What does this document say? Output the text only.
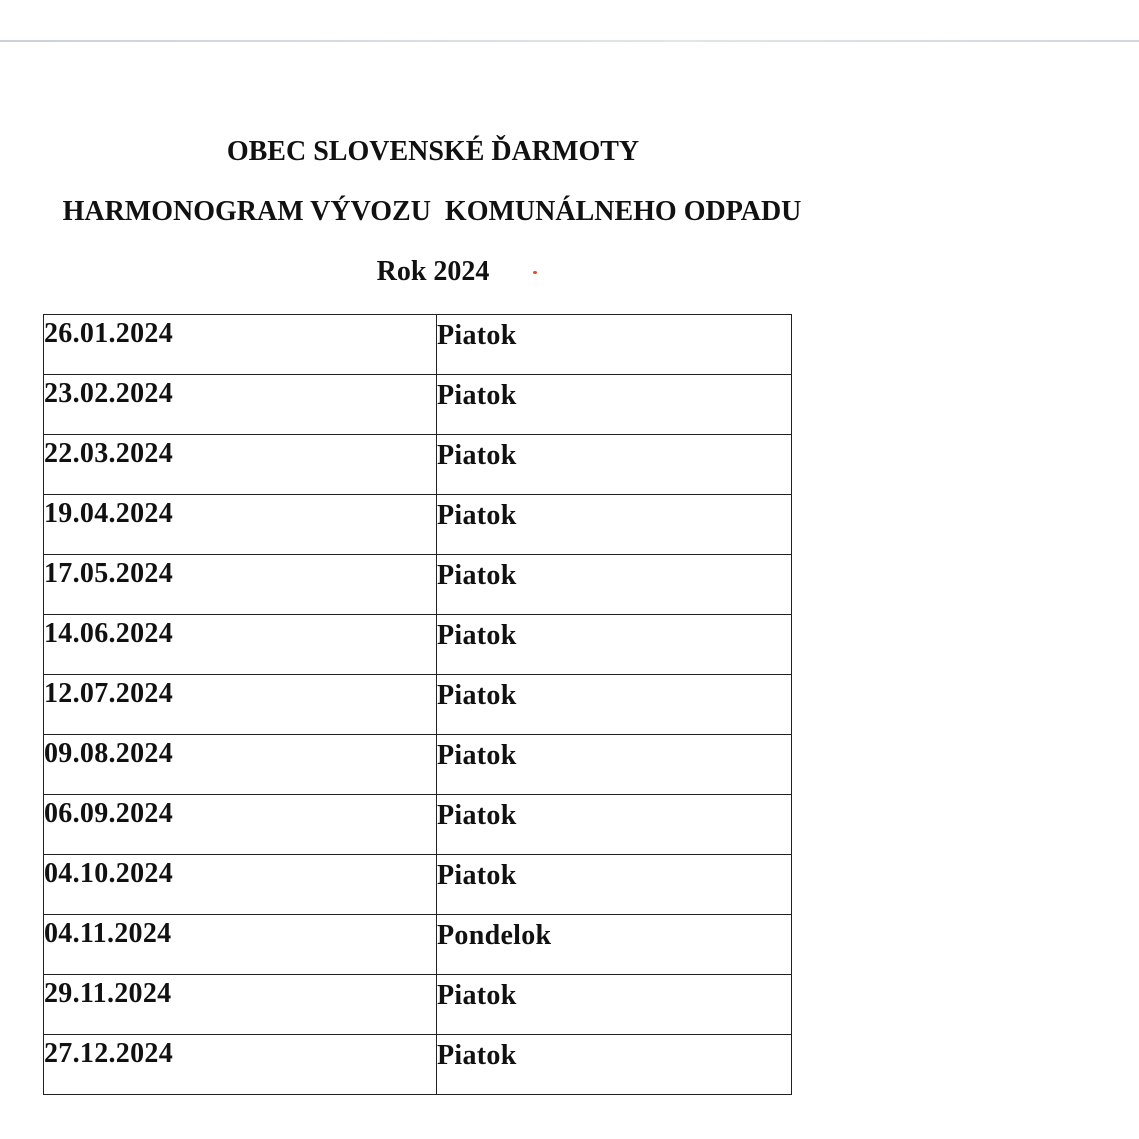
OBEC SLOVENSKÉ ĎARMOTY
HARMONOGRAM VÝVOZU  KOMUNÁLNEHO ODPADU
Rok 2024
26.01.2024	Piatok

23.02.2024	Piatok

22.03.2024	Piatok

19.04.2024	Piatok

17.05.2024	Piatok

14.06.2024	Piatok

12.07.2024	Piatok

09.08.2024	Piatok

06.09.2024	Piatok

04.10.2024	Piatok

04.11.2024	Pondelok

29.11.2024	Piatok

27.12.2024	Piatok
